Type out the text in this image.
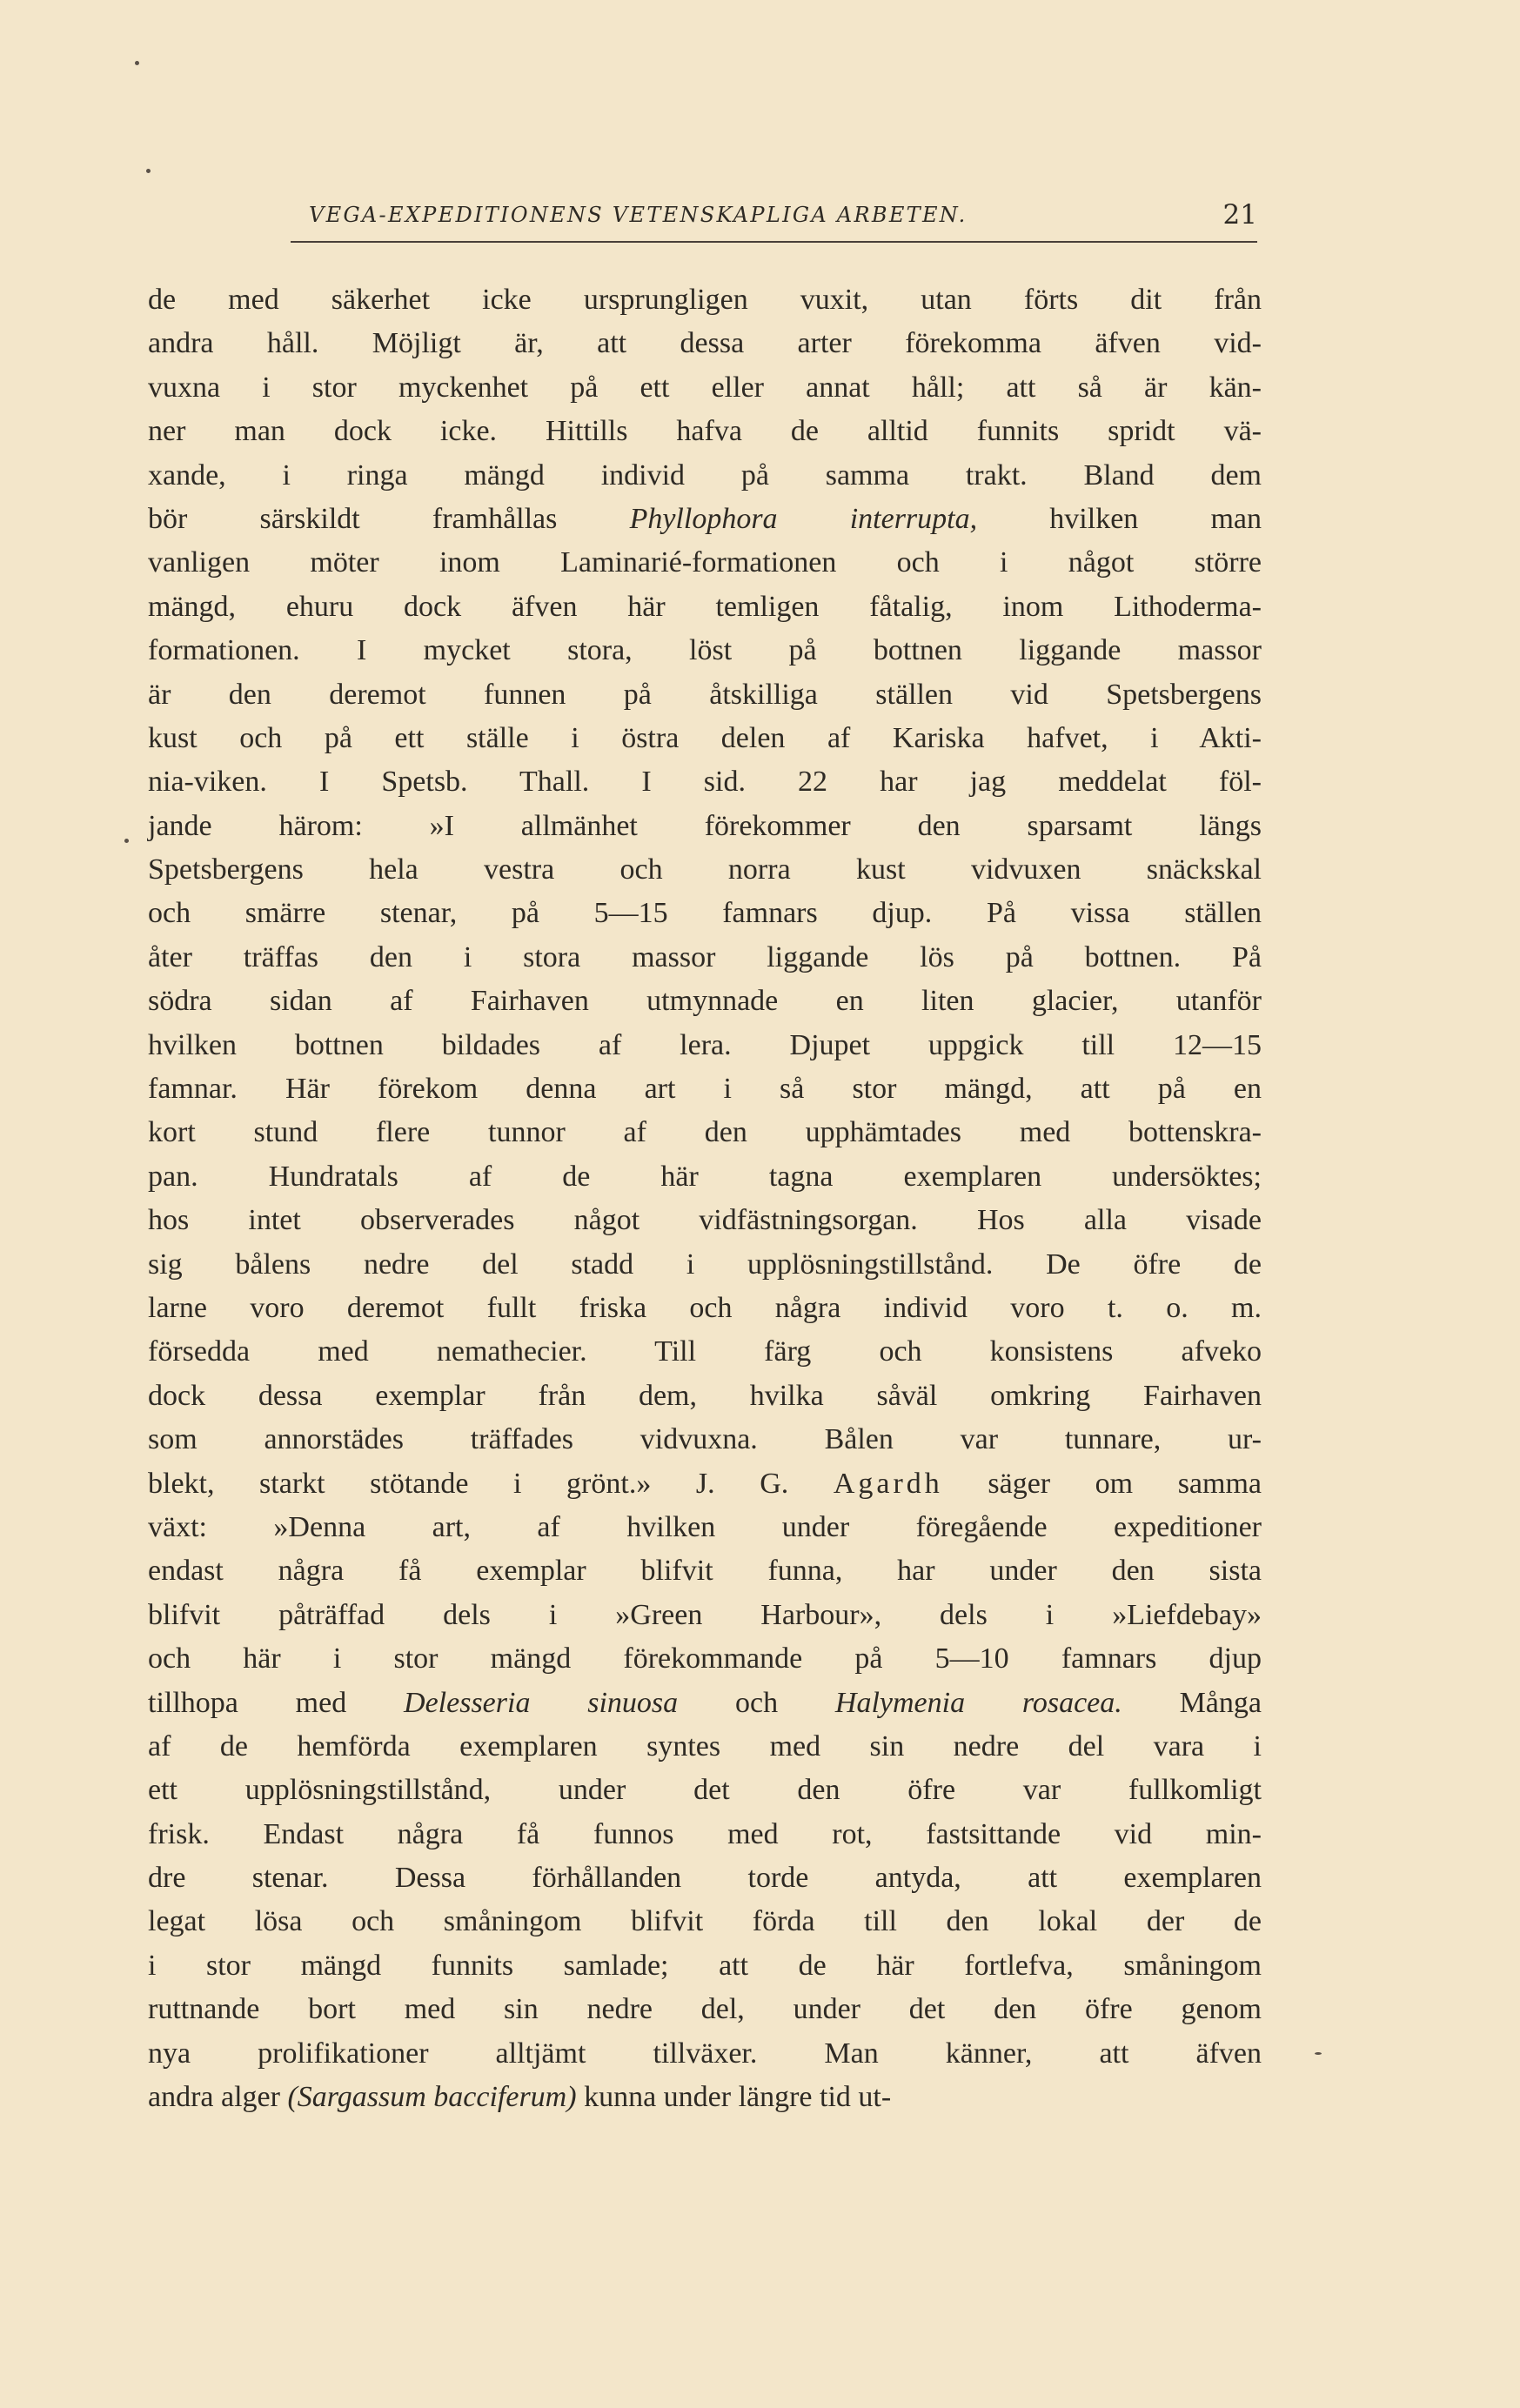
VEGA-EXPEDITIONENS VETENSKAPLIGA ARBETEN.	21
de med säkerhet icke ursprungligen vuxit, utan förts dit från
andra håll. Möjligt är, att dessa arter förekomma äfven vid-
vuxna i stor myckenhet på ett eller annat håll; att så är kän-
ner man dock icke. Hittills hafva de alltid funnits spridt vä-
xande, i ringa mängd individ på samma trakt. Bland dem
bör särskildt framhållas Phyllophora interrupta, hvilken man
vanligen möter inom Laminarié-formationen och i något större
mängd, ehuru dock äfven här temligen fåtalig, inom Lithoderma-
formationen. I mycket stora, löst på bottnen liggande massor
är den deremot funnen på åtskilliga ställen vid Spetsbergens
kust och på ett ställe i östra delen af Kariska hafvet, i Akti-
nia-viken. I Spetsb. Thall. I sid. 22 har jag meddelat föl-
jande härom: »I allmänhet förekommer den sparsamt längs
Spetsbergens hela vestra och norra kust vidvuxen snäckskal
och smärre stenar, på 5—15 famnars djup. På vissa ställen
åter träffas den i stora massor liggande lös på bottnen. På
södra sidan af Fairhaven utmynnade en liten glacier, utanför
hvilken bottnen bildades af lera. Djupet uppgick till 12—15
famnar. Här förekom denna art i så stor mängd, att på en
kort stund flere tunnor af den upphämtades med bottenskra-
pan. Hundratals af de här tagna exemplaren undersöktes;
hos intet observerades något vidfästningsorgan. Hos alla visade
sig bålens nedre del stadd i upplösningstillstånd. De öfre de
larne voro deremot fullt friska och några individ voro t. o. m.
försedda med nemathecier. Till färg och konsistens afveko
dock dessa exemplar från dem, hvilka såväl omkring Fairhaven
som annorstädes träffades vidvuxna. Bålen var tunnare, ur-
blekt, starkt stötande i grönt.» J. G. Agardh säger om samma
växt: »Denna art, af hvilken under föregående expeditioner
endast några få exemplar blifvit funna, har under den sista
blifvit påträffad dels i »Green Harbour», dels i »Liefdebay»
och här i stor mängd förekommande på 5—10 famnars djup
tillhopa med Delesseria sinuosa och Halymenia rosacea. Många
af de hemförda exemplaren syntes med sin nedre del vara i
ett upplösningstillstånd, under det den öfre var fullkomligt
frisk. Endast några få funnos med rot, fastsittande vid min-
dre stenar. Dessa förhållanden torde antyda, att exemplaren
legat lösa och småningom blifvit förda till den lokal der de
i stor mängd funnits samlade; att de här fortlefva, småningom
ruttnande bort med sin nedre del, under det den öfre genom
nya prolifikationer alltjämt tillväxer. Man känner, att äfven
andra alger (Sargassum bacciferum) kunna under längre tid ut-
